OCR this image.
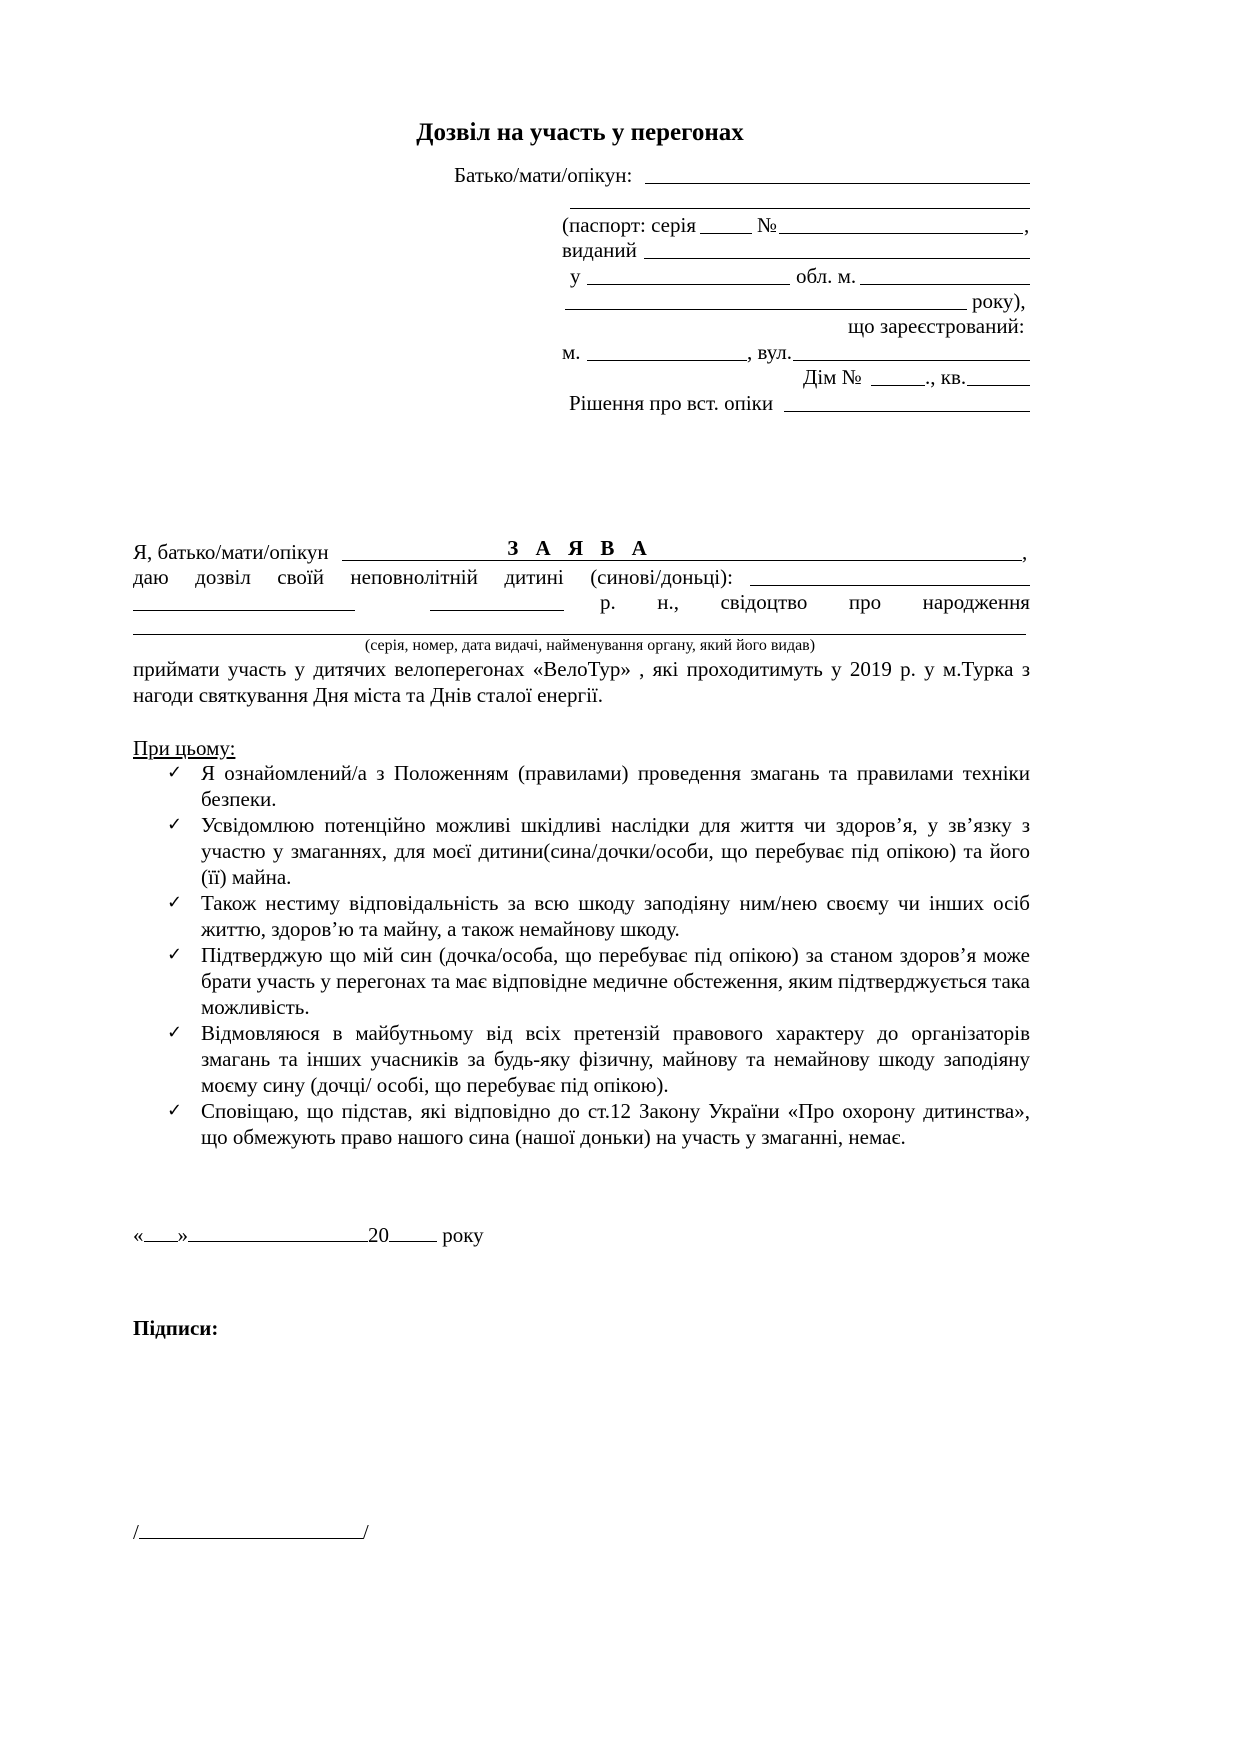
Дозвіл на участь у перегонах
Батько/мати/опікун:
(паспорт: серія	№	,
виданий
у	обл. м.
року),
що зареєстрований:
м.	, вул.
Дім №	., кв.
Рішення про вст. опіки
З А Я В А
Я, батько/мати/опікун	,
даю дозвіл своїй неповнолітній дитині (синові/доньці):
р. н., свідоцтво про народження
(серія, номер, дата видачі, найменування органу, який його видав)
приймати участь у дитячих велоперегонах «ВелоТур» , які проходитимуть у 2019 р. у м.Турка з нагоди святкування Дня міста та Днів сталої енергії.
При цьому:
✓ Я ознайомлений/а з Положенням (правилами) проведення змагань та правилами техніки безпеки.
✓ Усвідомлюю потенційно можливі шкідливі наслідки для життя чи здоров’я, у зв’язку з участю у змаганнях, для моєї дитини(сина/дочки/особи, що перебуває під опікою) та його (її) майна.
✓ Також нестиму відповідальність за всю шкоду заподіяну ним/нею своєму чи інших осіб життю, здоров’ю та майну, а також немайнову шкоду.
✓ Підтверджую що мій син (дочка/особа, що перебуває під опікою) за станом здоров’я може брати участь у перегонах та має відповідне медичне обстеження, яким підтверджується така можливість.
✓ Відмовляюся в майбутньому від всіх претензій правового характеру до організаторів змагань та інших учасників за будь-яку фізичну, майнову та немайнову шкоду заподіяну моєму сину (дочці/ особі, що перебуває під опікою).
✓ Сповіщаю, що підстав, які відповідно до ст.12 Закону України «Про охорону дитинства», що обмежують право нашого сина (нашої доньки) на участь у змаганні, немає.
« »	20	року
Підписи:
/	/
